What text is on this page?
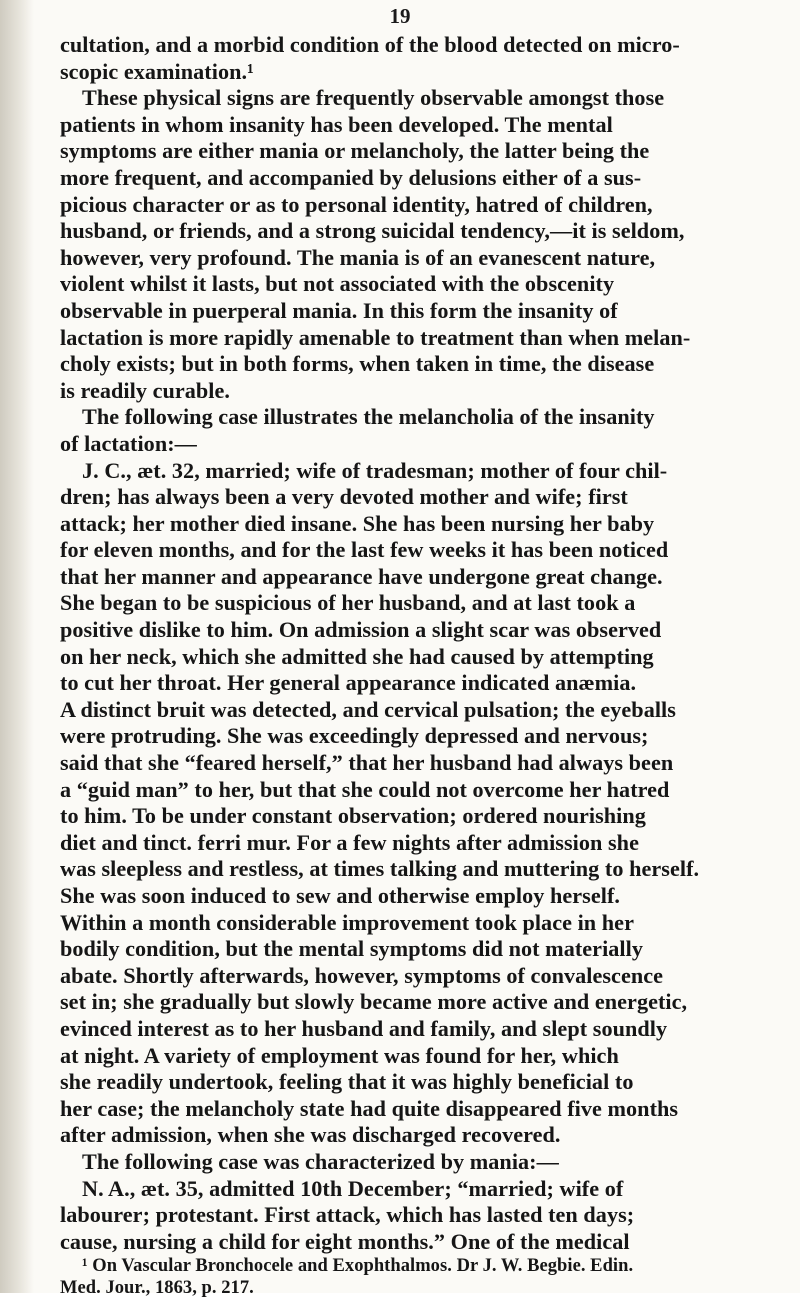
19
cultation, and a morbid condition of the blood detected on micro-
scopic examination.¹
These physical signs are frequently observable amongst those
patients in whom insanity has been developed. The mental
symptoms are either mania or melancholy, the latter being the
more frequent, and accompanied by delusions either of a sus-
picious character or as to personal identity, hatred of children,
husband, or friends, and a strong suicidal tendency,—it is seldom,
however, very profound. The mania is of an evanescent nature,
violent whilst it lasts, but not associated with the obscenity
observable in puerperal mania. In this form the insanity of
lactation is more rapidly amenable to treatment than when melan-
choly exists; but in both forms, when taken in time, the disease
is readily curable.
The following case illustrates the melancholia of the insanity
of lactation:—
J. C., æt. 32, married; wife of tradesman; mother of four chil-
dren; has always been a very devoted mother and wife; first
attack; her mother died insane. She has been nursing her baby
for eleven months, and for the last few weeks it has been noticed
that her manner and appearance have undergone great change.
She began to be suspicious of her husband, and at last took a
positive dislike to him. On admission a slight scar was observed
on her neck, which she admitted she had caused by attempting
to cut her throat. Her general appearance indicated anæmia.
A distinct bruit was detected, and cervical pulsation; the eyeballs
were protruding. She was exceedingly depressed and nervous;
said that she “feared herself,” that her husband had always been
a “guid man” to her, but that she could not overcome her hatred
to him. To be under constant observation; ordered nourishing
diet and tinct. ferri mur. For a few nights after admission she
was sleepless and restless, at times talking and muttering to herself.
She was soon induced to sew and otherwise employ herself.
Within a month considerable improvement took place in her
bodily condition, but the mental symptoms did not materially
abate. Shortly afterwards, however, symptoms of convalescence
set in; she gradually but slowly became more active and energetic,
evinced interest as to her husband and family, and slept soundly
at night. A variety of employment was found for her, which
she readily undertook, feeling that it was highly beneficial to
her case; the melancholy state had quite disappeared five months
after admission, when she was discharged recovered.
The following case was characterized by mania:—
N. A., æt. 35, admitted 10th December; “married; wife of
labourer; protestant. First attack, which has lasted ten days;
cause, nursing a child for eight months.” One of the medical
¹ On Vascular Bronchocele and Exophthalmos. Dr J. W. Begbie. Edin.
Med. Jour., 1863, p. 217.
